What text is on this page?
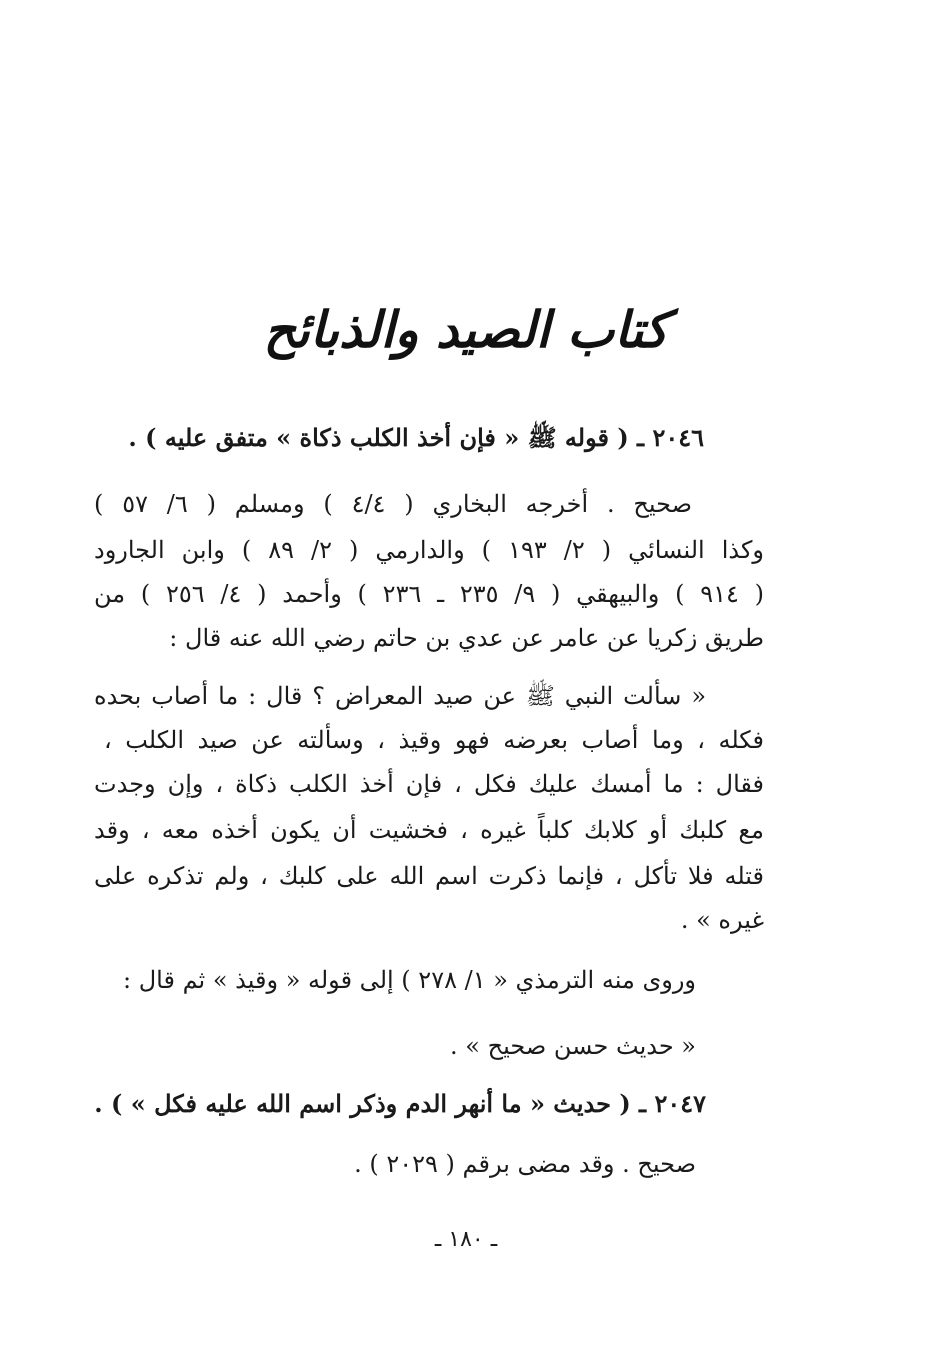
كتاب الصيد والذبائح
٢٠٤٦ ـ ( قوله ﷺ « فإن أخذ الكلب ذكاة » متفق عليه ) .
صحيح . أخرجه البخاري ( ٤/٤ ) ومسلم ( ٦/ ٥٧ )
وكذا النسائي ( ٢/ ١٩٣ ) والدارمي ( ٢/ ٨٩ ) وابن الجارود
( ٩١٤ ) والبيهقي ( ٩/ ٢٣٥ ـ ٢٣٦ ) وأحمد ( ٤/ ٢٥٦ ) من
طريق زكريا عن عامر عن عدي بن حاتم رضي الله عنه قال :
« سألت النبي ﷺ عن صيد المعراض ؟ قال : ما أصاب بحده
فكله ، وما أصاب بعرضه فهو وقيذ ، وسألته عن صيد الكلب ،
فقال : ما أمسك عليك فكل ، فإن أخذ الكلب ذكاة ، وإن وجدت
مع كلبك أو كلابك كلباً غيره ، فخشيت أن يكون أخذه معه ، وقد
قتله فلا تأكل ، فإنما ذكرت اسم الله على كلبك ، ولم تذكره على
غيره » .
وروى منه الترمذي « ١/ ٢٧٨ ) إلى قوله « وقيذ » ثم قال :
« حديث حسن صحيح » .
٢٠٤٧ ـ ( حديث « ما أنهر الدم وذكر اسم الله عليه فكل » ) .
صحيح . وقد مضى برقم ( ٢٠٢٩ ) .
ـ ١٨٠ ـ
